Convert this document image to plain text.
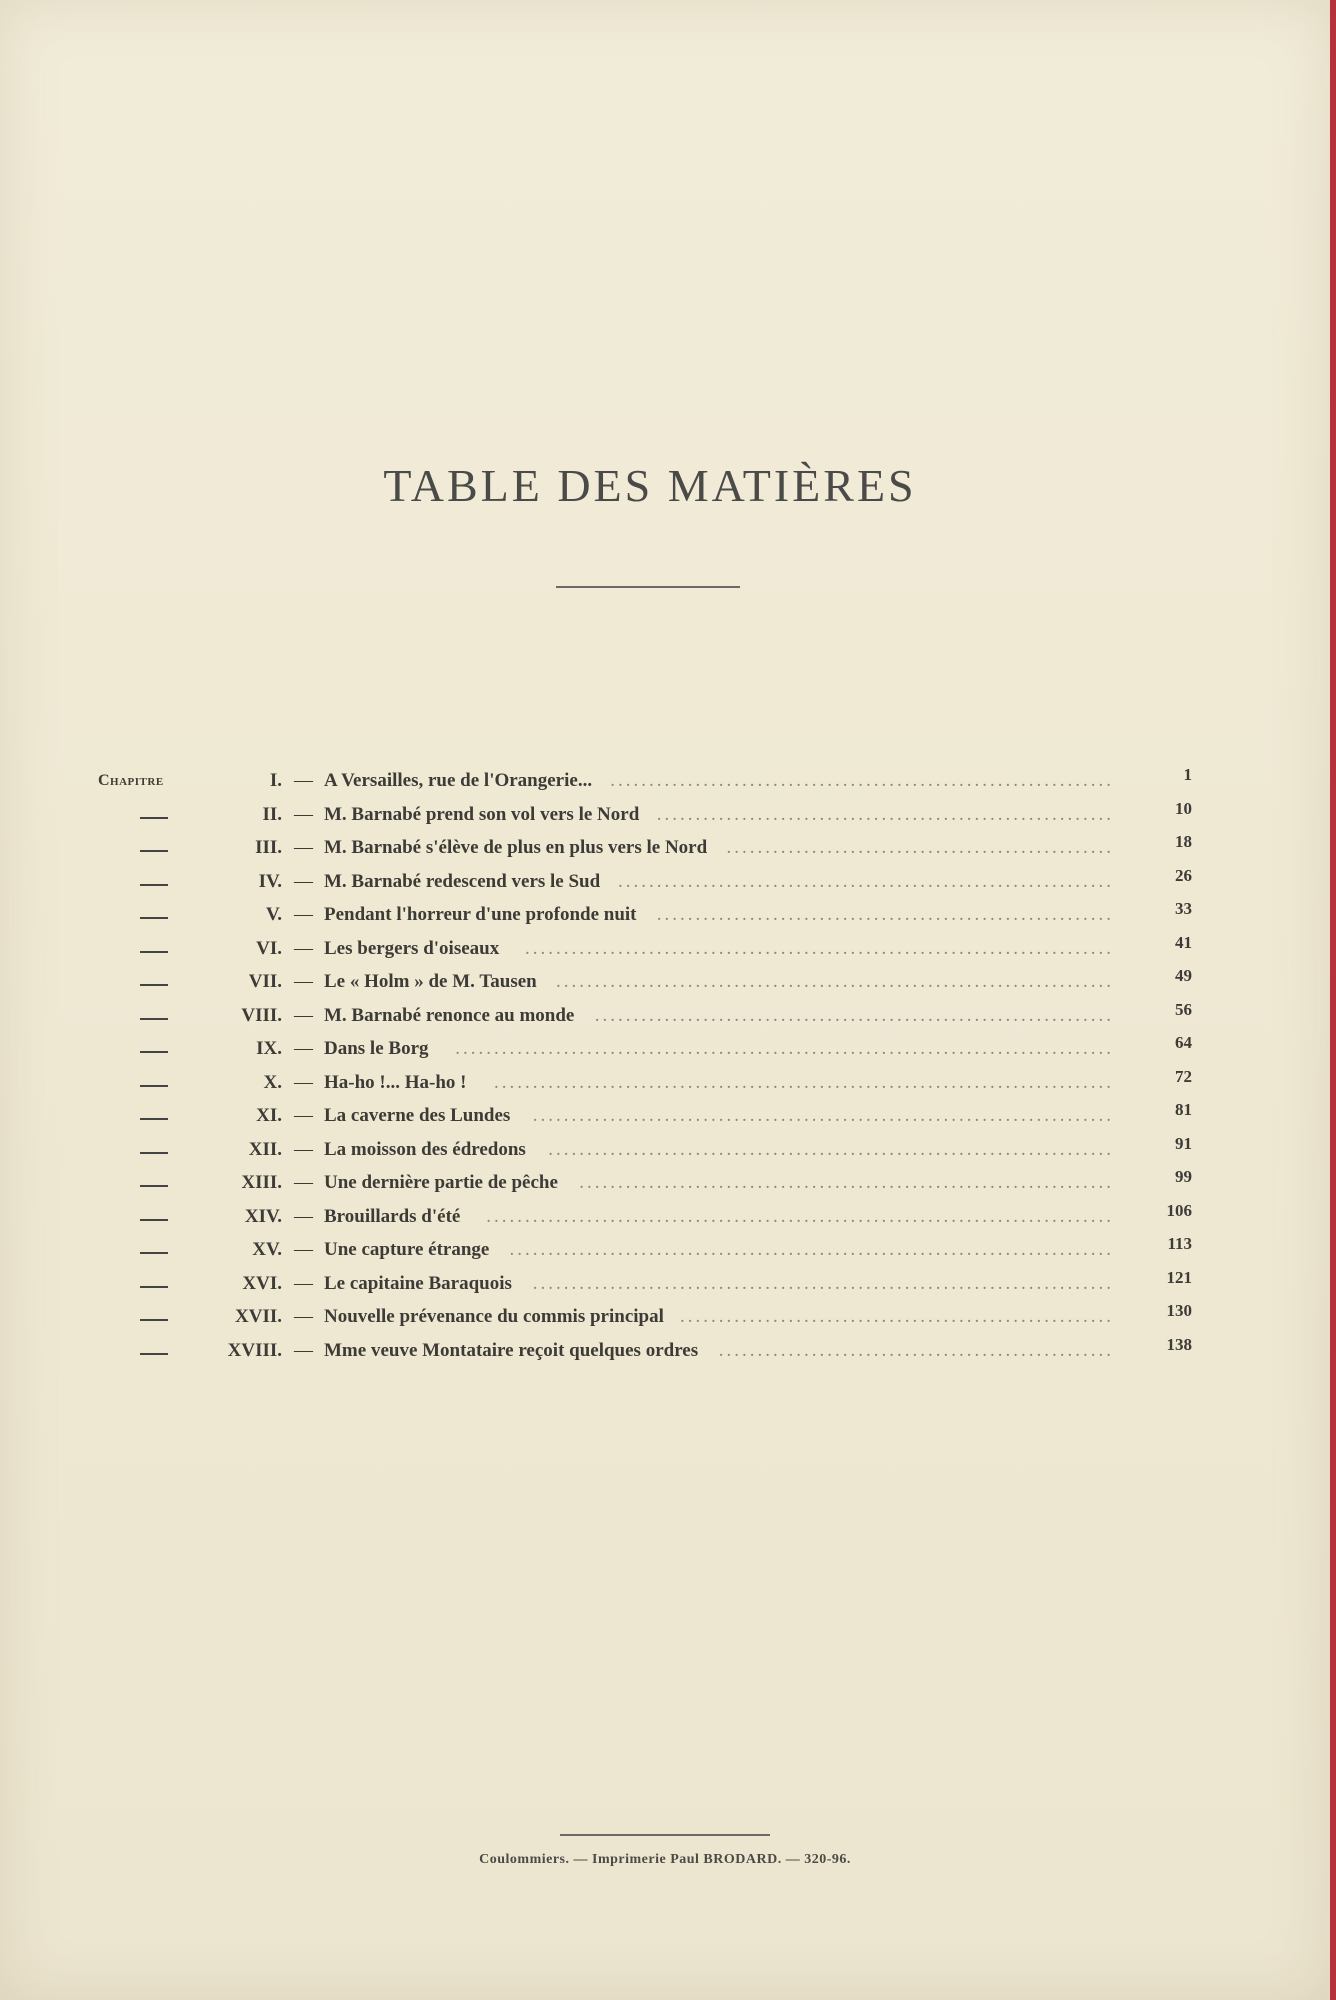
TABLE DES MATIÈRES
Chapitre	I. — A Versailles, rue de l'Orangerie... .................................................................	1
II. — M. Barnabé prend son vol vers le Nord ...........................................................	10
III. — M. Barnabé s'élève de plus en plus vers le Nord	..................................................	18
IV. — M. Barnabé redescend vers le Sud ................................................................	26
V. — Pendant l'horreur d'une profonde nuit	...........................................................	33
VI. — Les bergers d'oiseaux	............................................................................	41
VII. — Le « Holm » de M. Tausen	........................................................................	49
VIII. — M. Barnabé renonce au monde	...................................................................	56
IX. — Dans le Borg	.....................................................................................	64
X. — Ha-ho !... Ha-ho !	................................................................................	72
XI. — La caverne des Lundes	...........................................................................	81
XII. — La moisson des édredons	.........................................................................	91
XIII. — Une dernière partie de pêche	.....................................................................	99
XIV. — Brouillards d'été	.................................................................................	106
XV. — Une capture étrange	..............................................................................	113
XVI. — Le capitaine Baraquois	...........................................................................	121
XVII. — Nouvelle prévenance du commis principal ........................................................	130
XVIII. — Mme veuve Montataire reçoit quelques ordres	...................................................	138
Coulommiers. — Imprimerie Paul BRODARD. — 320-96.
